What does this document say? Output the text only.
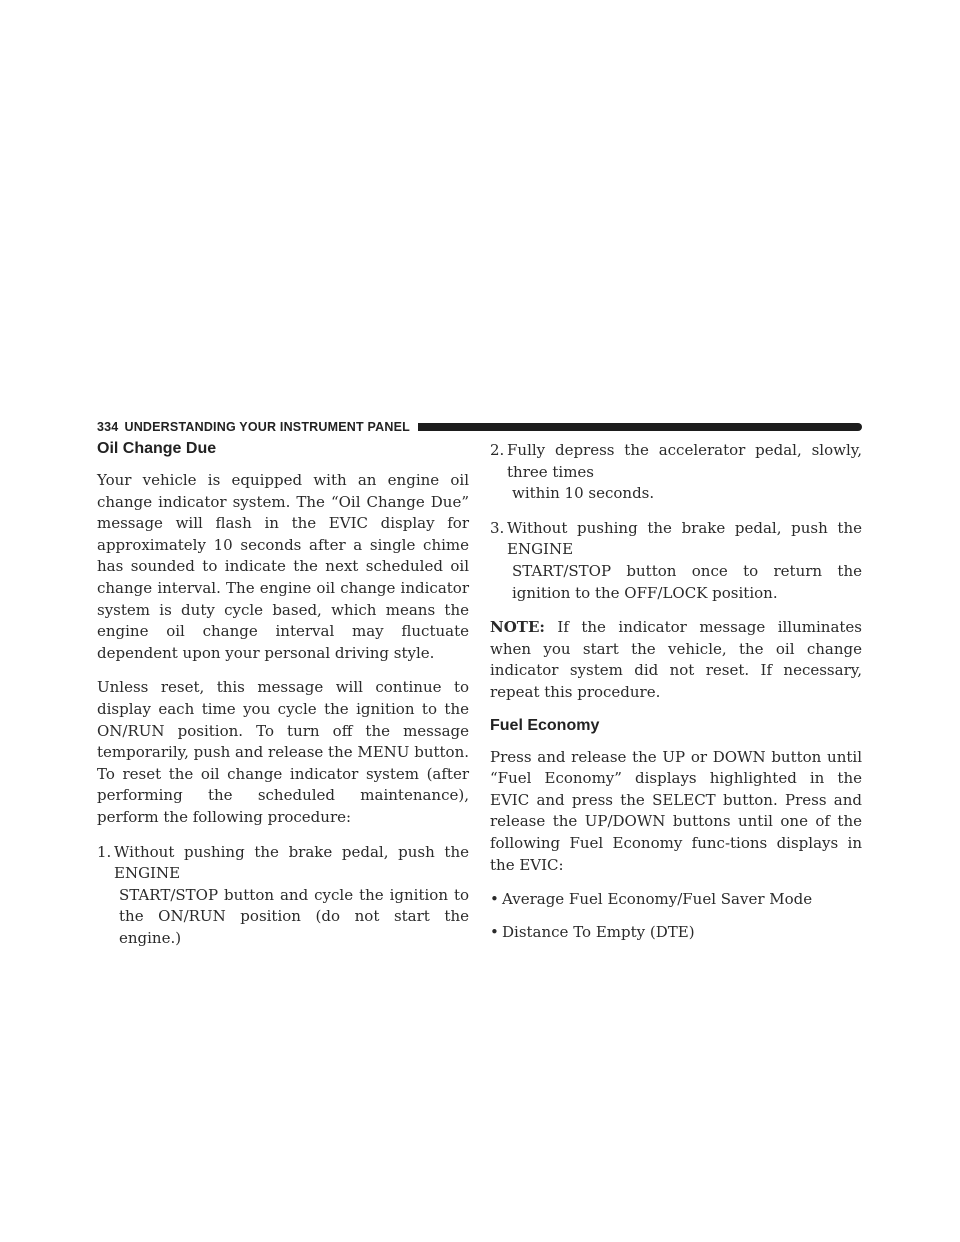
334 UNDERSTANDING YOUR INSTRUMENT PANEL
Oil Change Due

Your vehicle is equipped with an engine oil change indicator system. The “Oil Change Due” message will flash in the EVIC display for approximately 10 seconds after a single chime has sounded to indicate the next scheduled oil change interval. The engine oil change indicator system is duty cycle based, which means the engine oil change interval may fluctuate dependent upon your personal driving style.

Unless reset, this message will continue to display each time you cycle the ignition to the ON/RUN position. To turn off the message temporarily, push and release the MENU button. To reset the oil change indicator system (after performing the scheduled maintenance), perform the following procedure:

1. Without pushing the brake pedal, push the ENGINE
START/STOP button and cycle the ignition to the ON/RUN position (do not start the engine.)
2. Fully depress the accelerator pedal, slowly, three times
within 10 seconds.
3. Without pushing the brake pedal, push the ENGINE
START/STOP button once to return the ignition to the OFF/LOCK position.

NOTE: If the indicator message illuminates when you start the vehicle, the oil change indicator system did not reset. If necessary, repeat this procedure.

Fuel Economy

Press and release the UP or DOWN button until “Fuel Economy” displays highlighted in the EVIC and press the SELECT button. Press and release the UP/DOWN buttons until one of the following Fuel Economy func-tions displays in the EVIC:

• Average Fuel Economy/Fuel Saver Mode
• Distance To Empty (DTE)
